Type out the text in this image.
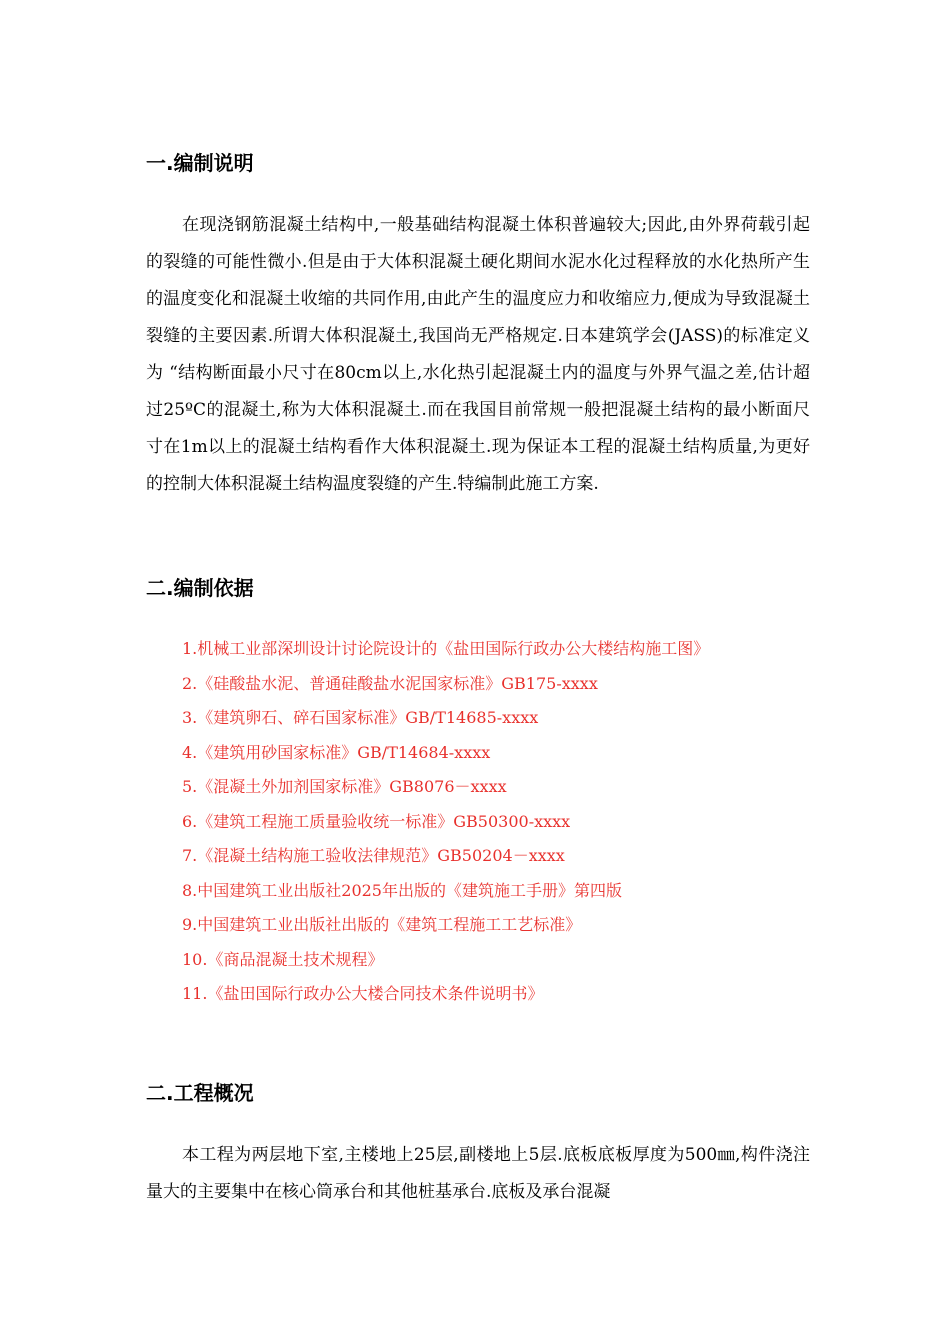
一.编制说明

在现浇钢筋混凝土结构中,一般基础结构混凝土体积普遍较大;因此,由外界荷载引起的裂缝的可能性微小.但是由于大体积混凝土硬化期间水泥水化过程释放的水化热所产生的温度变化和混凝土收缩的共同作用,由此产生的温度应力和收缩应力,便成为导致混凝土裂缝的主要因素.所谓大体积混凝土,我国尚无严格规定.日本建筑学会(JASS)的标准定义为 “结构断面最小尺寸在80cm以上,水化热引起混凝土内的温度与外界气温之差,估计超过25ºC的混凝土,称为大体积混凝土.而在我国目前常规一般把混凝土结构的最小断面尺寸在1m以上的混凝土结构看作大体积混凝土.现为保证本工程的混凝土结构质量,为更好的控制大体积混凝土结构温度裂缝的产生.特编制此施工方案.

二.编制依据
1.机械工业部深圳设计讨论院设计的《盐田国际行政办公大楼结构施工图》
2.《硅酸盐水泥、普通硅酸盐水泥国家标准》GB175-xxxx
3.《建筑卵石、碎石国家标准》GB/T14685-xxxx
4.《建筑用砂国家标准》GB/T14684-xxxx
5.《混凝土外加剂国家标准》GB8076－xxxx
6.《建筑工程施工质量验收统一标准》GB50300-xxxx
7.《混凝土结构施工验收法律规范》GB50204－xxxx
8.中国建筑工业出版社2025年出版的《建筑施工手册》第四版
9.中国建筑工业出版社出版的《建筑工程施工工艺标准》
10.《商品混凝土技术规程》
11.《盐田国际行政办公大楼合同技术条件说明书》
二.工程概况

本工程为两层地下室,主楼地上25层,副楼地上5层.底板底板厚度为500㎜,构件浇注量大的主要集中在核心筒承台和其他桩基承台.底板及承台混凝
